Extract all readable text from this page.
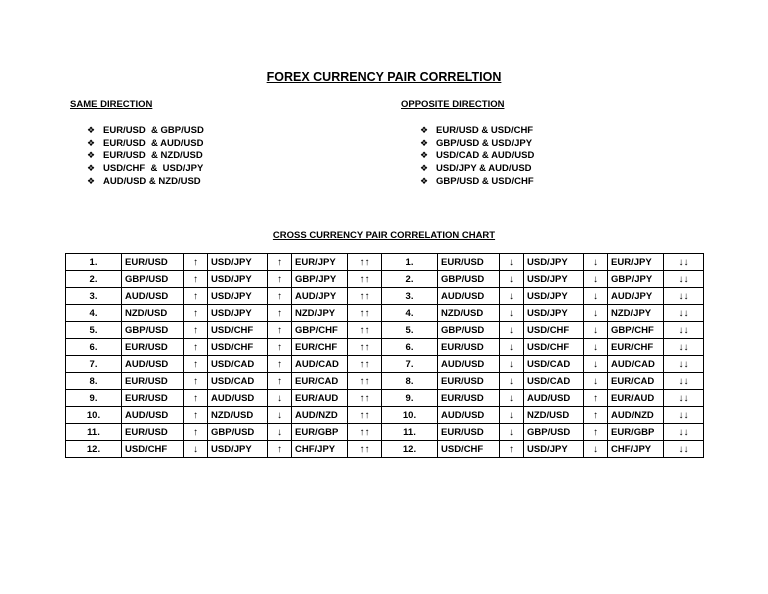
FOREX CURRENCY PAIR CORRELTION
SAME DIRECTION	OPPOSITE DIRECTION
❖ EUR/USD  & GBP/USD
❖ EUR/USD  & AUD/USD
❖ EUR/USD  & NZD/USD
❖ USD/CHF  &  USD/JPY
❖ AUD/USD & NZD/USD
❖ EUR/USD & USD/CHF
❖ GBP/USD & USD/JPY
❖ USD/CAD & AUD/USD
❖ USD/JPY & AUD/USD
❖ GBP/USD & USD/CHF
CROSS CURRENCY PAIR CORRELATION CHART
1.	EUR/USD	↑	USD/JPY	↑	EUR/JPY	↑↑	1.	EUR/USD	↓	USD/JPY	↓	EUR/JPY	↓↓
2.	GBP/USD	↑	USD/JPY	↑	GBP/JPY	↑↑	2.	GBP/USD	↓	USD/JPY	↓	GBP/JPY	↓↓
3.	AUD/USD	↑	USD/JPY	↑	AUD/JPY	↑↑	3.	AUD/USD	↓	USD/JPY	↓	AUD/JPY	↓↓
4.	NZD/USD	↑	USD/JPY	↑	NZD/JPY	↑↑	4.	NZD/USD	↓	USD/JPY	↓	NZD/JPY	↓↓
5.	GBP/USD	↑	USD/CHF	↑	GBP/CHF	↑↑	5.	GBP/USD	↓	USD/CHF	↓	GBP/CHF	↓↓
6.	EUR/USD	↑	USD/CHF	↑	EUR/CHF	↑↑	6.	EUR/USD	↓	USD/CHF	↓	EUR/CHF	↓↓
7.	AUD/USD	↑	USD/CAD	↑	AUD/CAD	↑↑	7.	AUD/USD	↓	USD/CAD	↓	AUD/CAD	↓↓
8.	EUR/USD	↑	USD/CAD	↑	EUR/CAD	↑↑	8.	EUR/USD	↓	USD/CAD	↓	EUR/CAD	↓↓
9.	EUR/USD	↑	AUD/USD	↓	EUR/AUD	↑↑	9.	EUR/USD	↓	AUD/USD	↑	EUR/AUD	↓↓
10.	AUD/USD	↑	NZD/USD	↓	AUD/NZD	↑↑	10.	AUD/USD	↓	NZD/USD	↑	AUD/NZD	↓↓
11.	EUR/USD	↑	GBP/USD	↓	EUR/GBP	↑↑	11.	EUR/USD	↓	GBP/USD	↑	EUR/GBP	↓↓
12.	USD/CHF	↓	USD/JPY	↑	CHF/JPY	↑↑	12.	USD/CHF	↑	USD/JPY	↓	CHF/JPY	↓↓
